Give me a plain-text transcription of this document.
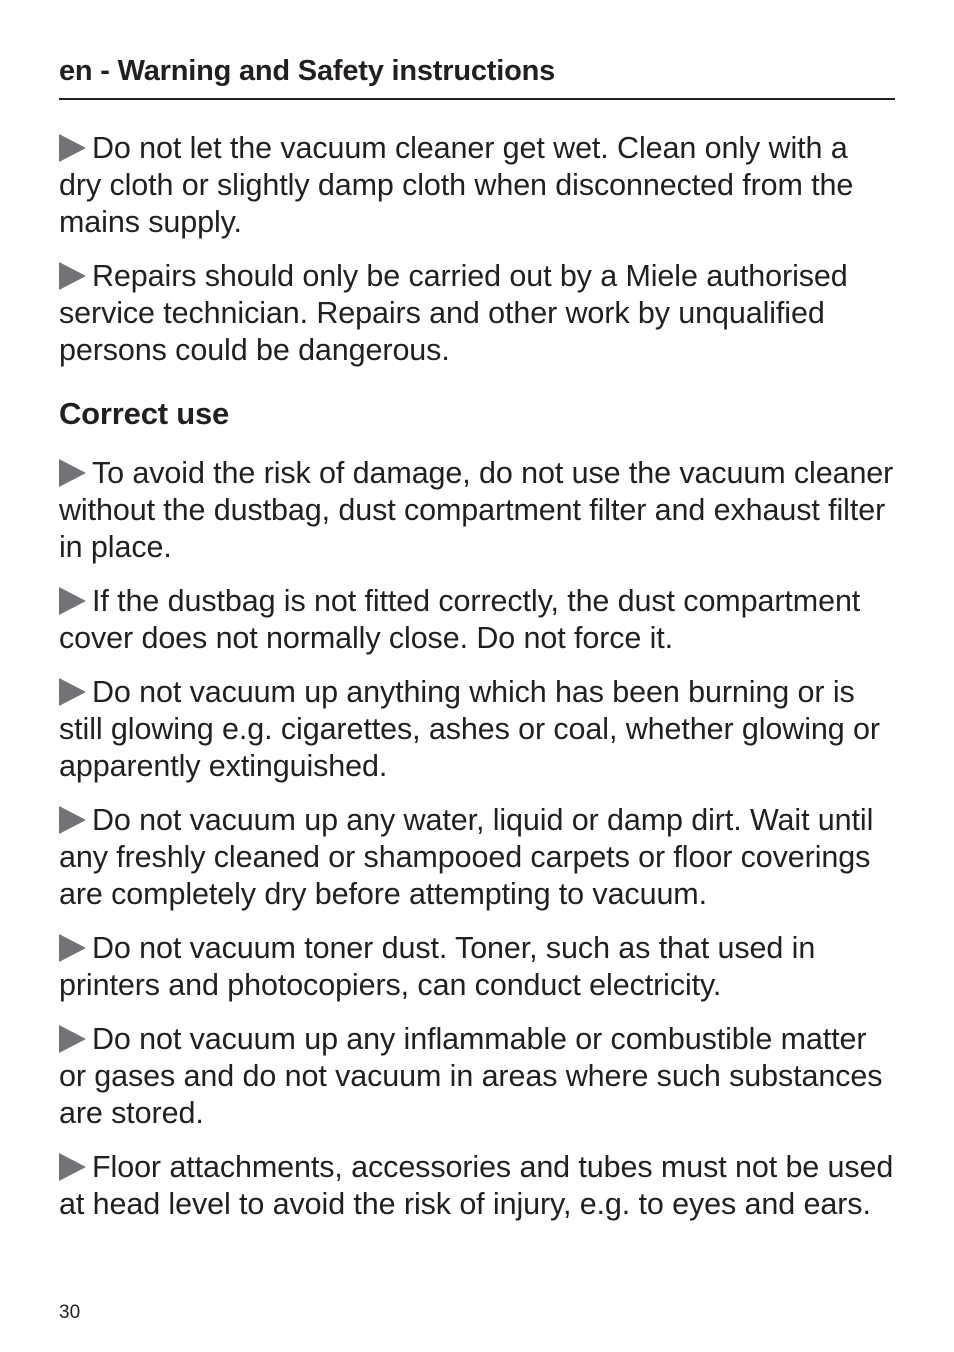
en - Warning and Safety instructions
Do not let the vacuum cleaner get wet. Clean only with a dry cloth or slightly damp cloth when disconnected from the mains supply.
Repairs should only be carried out by a Miele authorised service technician. Repairs and other work by unqualified persons could be dangerous.
Correct use
To avoid the risk of damage, do not use the vacuum cleaner without the dustbag, dust compartment filter and exhaust filter in place.
If the dustbag is not fitted correctly, the dust compartment cover does not normally close. Do not force it.
Do not vacuum up anything which has been burning or is still glowing e.g. cigarettes, ashes or coal, whether glowing or apparently extinguished.
Do not vacuum up any water, liquid or damp dirt. Wait until any freshly cleaned or shampooed carpets or floor coverings are completely dry before attempting to vacuum.
Do not vacuum toner dust. Toner, such as that used in printers and photocopiers, can conduct electricity.
Do not vacuum up any inflammable or combustible matter or gases and do not vacuum in areas where such substances are stored.
Floor attachments, accessories and tubes must not be used at head level to avoid the risk of injury, e.g. to eyes and ears.
30
